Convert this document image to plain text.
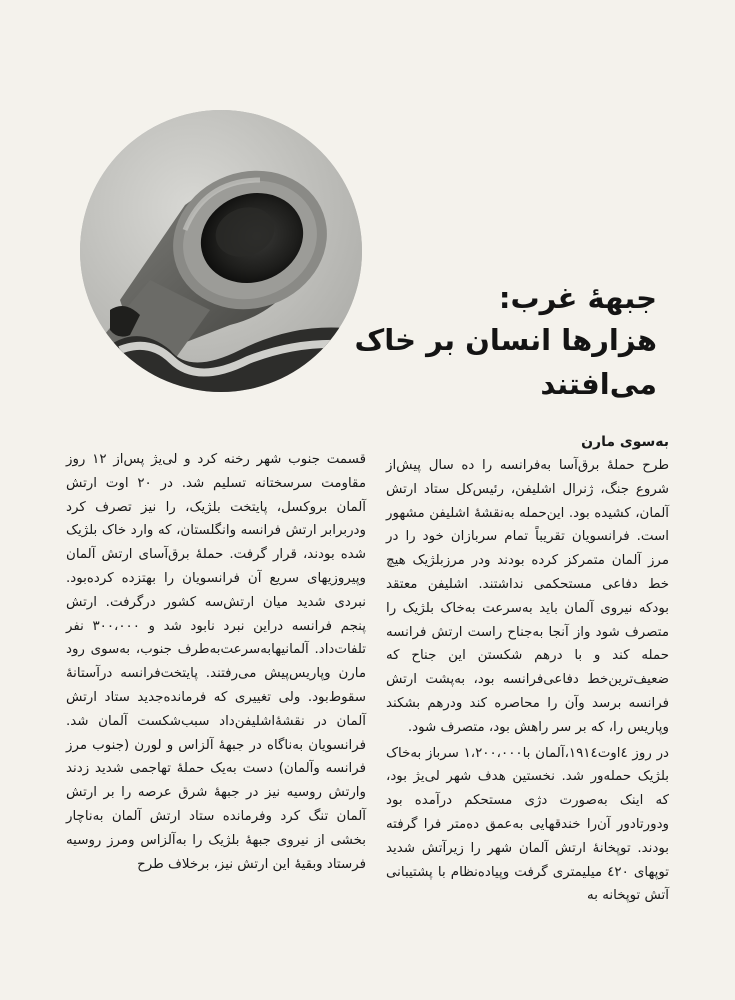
جبههٔ غرب:
هزارها انسان بر خاک می‌افتند

به‌سوی مارن

طرح حملهٔ برق‌آسا به‌فرانسه را ده سال پیش‌از شروع جنگ، ژنرال اشلیفن، رئیس‌کل ستاد ارتش آلمان، کشیده بود. این‌حمله به‌نقشهٔ اشلیفن مشهور است. فرانسویان تقریباً تمام سربازان خود را در مرز آلمان متمرکز کرده بودند ودر مرزبلژیک هیچ خط دفاعی مستحکمی نداشتند. اشلیفن معتقد بودکه نیروی آلمان باید به‌سرعت به‌خاک بلژیک را متصرف شود واز آنجا به‌جناح راست ارتش فرانسه حمله کند و با درهم شکستن این جناح که ضعیف‌ترین‌خط دفاعی‌فرانسه بود، به‌پشت ارتش فرانسه برسد وآن را محاصره کند ودرهم بشکند وپاریس را، که بر سر راهش بود، متصرف شود.

در روز ٤اوت١٩١٤،آلمان با١،٢٠٠،٠٠٠ سرباز به‌خاک بلژیک حمله‌ور شد. نخستین هدف شهر لی‌یژ بود، که اینک به‌صورت دژی مستحکم درآمده بود ودورتادور آن‌را خندقهایی به‌عمق ده‌متر فرا گرفته بودند. توپخانهٔ ارتش آلمان شهر را زیرآتش شدید توپهای ٤٢٠ میلیمتری گرفت وپیاده‌نظام با پشتیبانی آتش توپخانه به

قسمت جنوب شهر رخنه کرد و لی‌یژ پس‌از ١٢ روز مقاومت سرسختانه تسلیم شد. در ٢٠ اوت ارتش آلمان بروکسل، پایتخت بلژیک، را نیز تصرف کرد ودربرابر ارتش فرانسه وانگلستان، که وارد خاک بلژیک شده بودند، قرار گرفت. حملهٔ برق‌آسای ارتش آلمان وپیروزیهای سریع آن فرانسویان را بهتزده کرده‌بود. نبردی شدید میان ارتش‌سه کشور درگرفت. ارتش پنجم فرانسه دراین نبرد نابود شد و ٣٠٠،٠٠٠ نفر تلفات‌داد. آلمانیها‌به‌سرعت‌به‌طرف جنوب، به‌سوی رود مارن وپاریس‌پیش می‌رفتند. پایتخت‌فرانسه درآستانهٔ سقوط‌بود. ولی تغییری که فرمانده‌جدید ستاد ارتش آلمان در نقشهٔ‌اشلیفن‌داد سبب‌شکست آلمان شد. فرانسویان به‌ناگاه در جبههٔ آلزاس و لورن (جنوب مرز فرانسه وآلمان) دست به‌یک حملهٔ تهاجمی شدید زدند وارتش روسیه نیز در جبههٔ شرق عرصه را بر ارتش آلمان تنگ کرد وفرمانده ستاد ارتش آلمان به‌ناچار بخشی از نیروی جبههٔ بلژیک را به‌آلزاس ومرز روسیه فرستاد وبقیهٔ این ارتش نیز، برخلاف طرح
